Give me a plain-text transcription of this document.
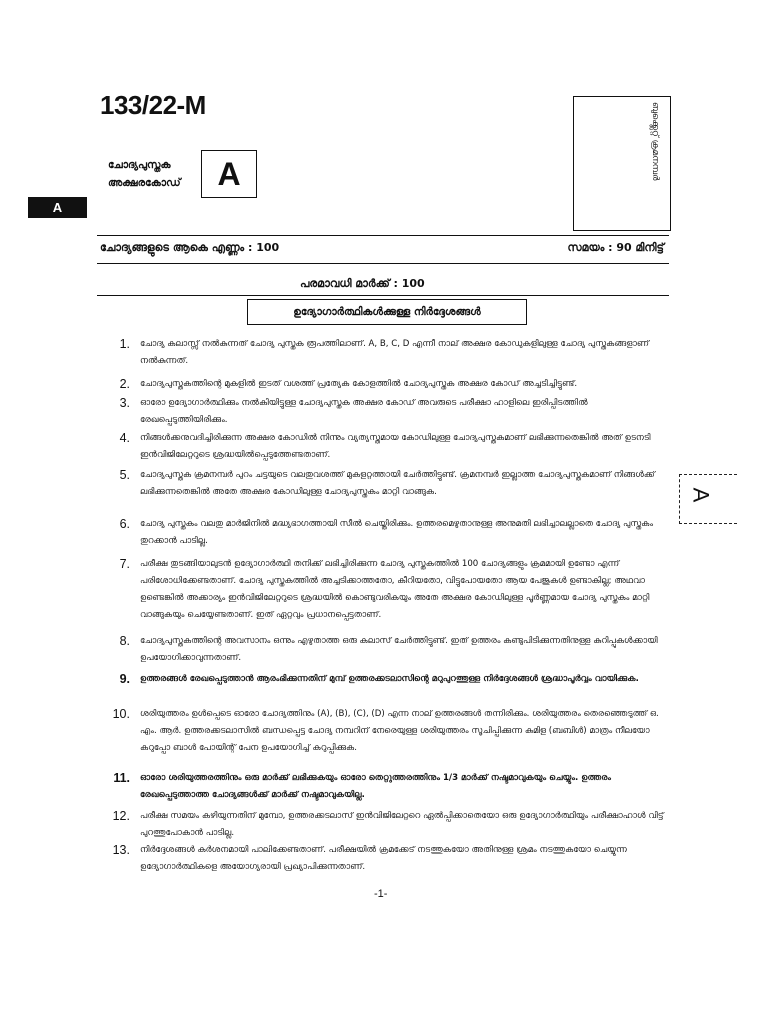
133/22-M
ചോദ്യപുസ്തക
അക്ഷരകോഡ്	A
A
ബുക്ക്ലെറ്റ് ക്രമനമ്പർ
ചോദ്യങ്ങളുടെ ആകെ എണ്ണം : 100	സമയം : 90 മിനിട്ട്
പരമാവധി മാർക്ക് : 100
ഉദ്യോഗാർത്ഥികൾക്കുള്ള നിർദ്ദേശങ്ങൾ
1. ചോദ്യ കലാസ്സ് നൽകുന്നത് ചോദ്യ പുസ്തക രൂപത്തിലാണ്. A, B, C, D എന്നീ നാല് അക്ഷര കോഡുകളിലുള്ള ചോദ്യ പുസ്തകങ്ങളാണ് നൽകുന്നത്.
2. ചോദ്യപുസ്തകത്തിന്റെ മുകളിൽ ഇടത് വശത്ത് പ്രത്യേക കോളത്തിൽ ചോദ്യപുസ്തക അക്ഷര കോഡ് അച്ചടിച്ചിട്ടുണ്ട്.
3. ഓരോ ഉദ്യോഗാർത്ഥിക്കും നൽകിയിട്ടുള്ള ചോദ്യപുസ്തക അക്ഷര കോഡ് അവരുടെ പരീക്ഷാ ഹാളിലെ ഇരിപ്പിടത്തിൽ രേഖപ്പെടുത്തിയിരിക്കും.
4. നിങ്ങൾക്കനുവദിച്ചിരിക്കുന്ന അക്ഷര കോഡിൽ നിന്നും വ്യത്യസ്തമായ കോഡിലുള്ള ചോദ്യപുസ്തകമാണ് ലഭിക്കുന്നതെങ്കിൽ അത് ഉടനടി ഇൻവിജിലേറ്ററുടെ ശ്രദ്ധയിൽപ്പെടുത്തേണ്ടതാണ്.
5. ചോദ്യപുസ്തക ക്രമനമ്പർ പുറം ചട്ടയുടെ വലതുവശത്ത് മുകളറ്റത്തായി ചേർത്തിട്ടുണ്ട്. ക്രമനമ്പർ ഇല്ലാത്ത ചോദ്യപുസ്തകമാണ് നിങ്ങൾക്ക് ലഭിക്കുന്നതെങ്കിൽ അതേ അക്ഷര കോഡിലുള്ള ചോദ്യപുസ്തകം മാറ്റി വാങ്ങുക.
6. ചോദ്യ പുസ്തകം വലതു മാർജിനിൽ മദ്ധ്യഭാഗത്തായി സീൽ ചെയ്തിരിക്കും. ഉത്തരമെഴുതാനുള്ള അനുമതി ലഭിച്ചാലല്ലാതെ ചോദ്യ പുസ്തകം തുറക്കാൻ പാടില്ല.
7. പരീക്ഷ തുടങ്ങിയാലുടൻ ഉദ്യോഗാർത്ഥി തനിക്ക് ലഭിച്ചിരിക്കുന്ന ചോദ്യ പുസ്തകത്തിൽ 100 ചോദ്യങ്ങളും ക്രമമായി ഉണ്ടോ എന്ന് പരിശോധിക്കേണ്ടതാണ്. ചോദ്യ പുസ്തകത്തിൽ അച്ചടിക്കാത്തതോ, കീറിയതോ, വിട്ടുപോയതോ ആയ പേജുകൾ ഉണ്ടാകില്ല; അഥവാ ഉണ്ടെങ്കിൽ അക്കാര്യം ഇൻവിജിലേറ്ററുടെ ശ്രദ്ധയിൽ കൊണ്ടുവരികയും അതേ അക്ഷര കോഡിലുള്ള പൂർണ്ണമായ ചോദ്യ പുസ്തകം മാറ്റി വാങ്ങുകയും ചെയ്യേണ്ടതാണ്. ഇത് ഏറ്റവും പ്രധാനപ്പെട്ടതാണ്.
8. ചോദ്യപുസ്തകത്തിന്റെ അവസാനം ഒന്നും എഴുതാത്ത ഒരു കലാസ് ചേർത്തിട്ടുണ്ട്. ഇത് ഉത്തരം കണ്ടുപിടിക്കുന്നതിനുള്ള കുറിപ്പുകൾക്കായി ഉപയോഗിക്കാവുന്നതാണ്.
9. ഉത്തരങ്ങൾ രേഖപ്പെടുത്താൻ ആരംഭിക്കുന്നതിന് മുമ്പ് ഉത്തരക്കടലാസിന്റെ മറുപുറത്തുള്ള നിർദ്ദേശങ്ങൾ ശ്രദ്ധാപൂർവ്വം വായിക്കുക.
10. ശരിയുത്തരം ഉൾപ്പെടെ ഓരോ ചോദ്യത്തിനും (A), (B), (C), (D) എന്ന നാല് ഉത്തരങ്ങൾ തന്നിരിക്കും. ശരിയുത്തരം തെരഞ്ഞെടുത്ത് ഒ. എം. ആർ. ഉത്തരക്കടലാസിൽ ബന്ധപ്പെട്ട ചോദ്യ നമ്പറിന് നേരെയുള്ള ശരിയുത്തരം സൂചിപ്പിക്കുന്ന കുമിള (ബബിൾ) മാത്രം നീലയോ കറുപ്പോ ബാൾ പോയിന്റ് പേന ഉപയോഗിച്ച് കറുപ്പിക്കുക.
11. ഓരോ ശരിയുത്തരത്തിനും ഒരു മാർക്ക് ലഭിക്കുകയും ഓരോ തെറ്റുത്തരത്തിനും 1/3 മാർക്ക് നഷ്ടമാവുകയും ചെയ്യും. ഉത്തരം രേഖപ്പെടുത്താത്ത ചോദ്യങ്ങൾക്ക് മാർക്ക് നഷ്ടമാവുകയില്ല.
12. പരീക്ഷ സമയം കഴിയുന്നതിന് മുമ്പോ, ഉത്തരക്കടലാസ് ഇൻവിജിലേറ്ററെ ഏൽപ്പിക്കാതെയോ ഒരു ഉദ്യോഗാർത്ഥിയും പരീക്ഷാഹാൾ വിട്ട് പുറത്തുപോകാൻ പാടില്ല.
13. നിർദ്ദേശങ്ങൾ കർശനമായി പാലിക്കേണ്ടതാണ്. പരീക്ഷയിൽ ക്രമക്കേട് നടത്തുകയോ അതിനുള്ള ശ്രമം നടത്തുകയോ ചെയ്യുന്ന ഉദ്യോഗാർത്ഥികളെ അയോഗ്യരായി പ്രഖ്യാപിക്കുന്നതാണ്.
-1-
A
